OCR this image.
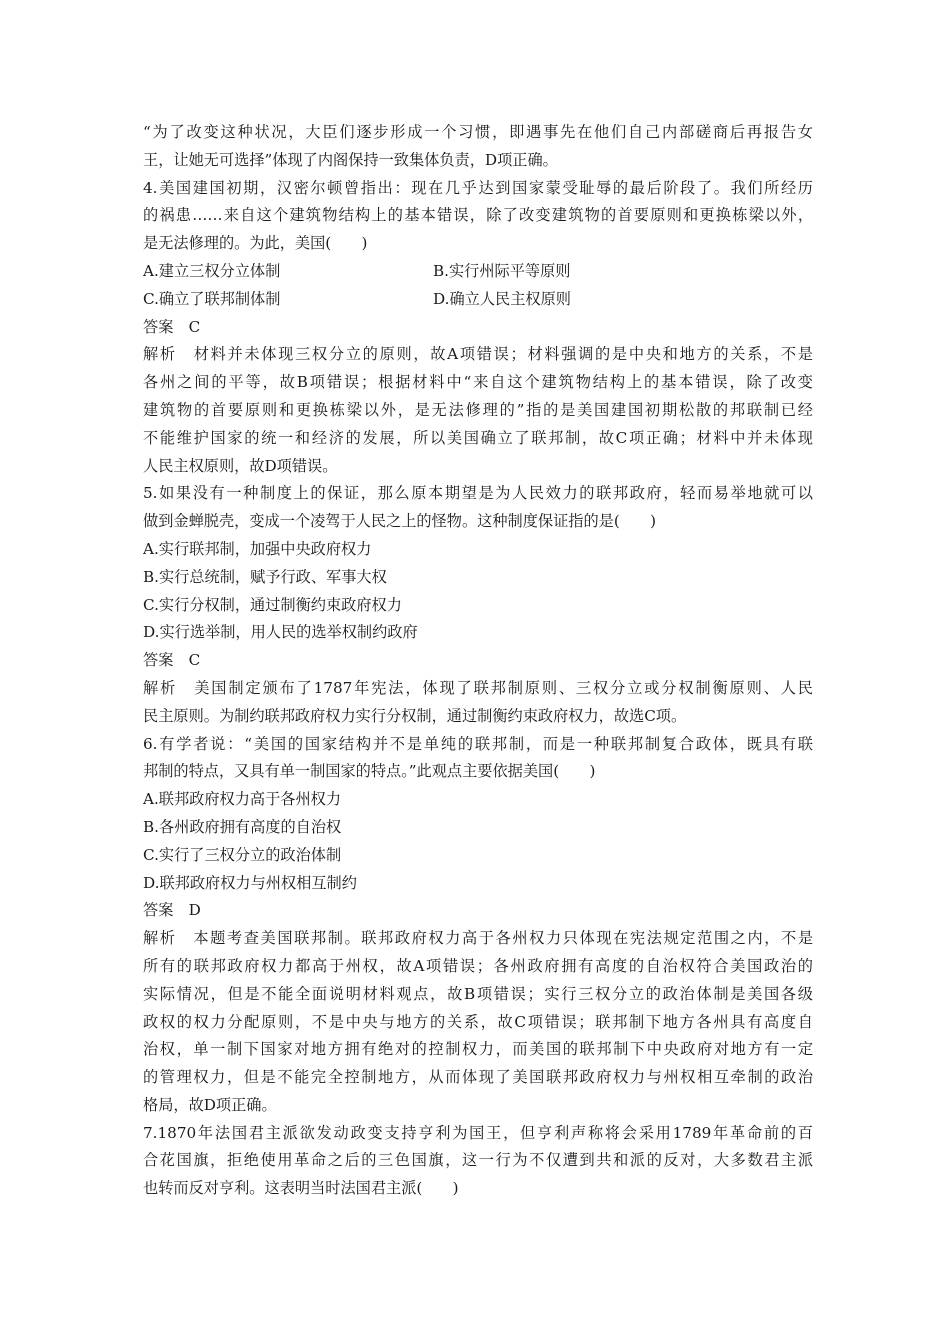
“为了改变这种状况，大臣们逐步形成一个习惯，即遇事先在他们自己内部磋商后再报告女
王，让她无可选择”体现了内阁保持一致集体负责，D项正确。
4.美国建国初期，汉密尔顿曾指出：现在几乎达到国家蒙受耻辱的最后阶段了。我们所经历
的祸患……来自这个建筑物结构上的基本错误，除了改变建筑物的首要原则和更换栋梁以外，
是无法修理的。为此，美国(　　)
A.建立三权分立体制	B.实行州际平等原则
C.确立了联邦制体制	D.确立人民主权原则
答案　C
解析　材料并未体现三权分立的原则，故A项错误；材料强调的是中央和地方的关系，不是
各州之间的平等，故B项错误；根据材料中“来自这个建筑物结构上的基本错误，除了改变
建筑物的首要原则和更换栋梁以外，是无法修理的”指的是美国建国初期松散的邦联制已经
不能维护国家的统一和经济的发展，所以美国确立了联邦制，故C项正确；材料中并未体现
人民主权原则，故D项错误。
5.如果没有一种制度上的保证，那么原本期望是为人民效力的联邦政府，轻而易举地就可以
做到金蝉脱壳，变成一个凌驾于人民之上的怪物。这种制度保证指的是(　　)
A.实行联邦制，加强中央政府权力
B.实行总统制，赋予行政、军事大权
C.实行分权制，通过制衡约束政府权力
D.实行选举制，用人民的选举权制约政府
答案　C
解析　美国制定颁布了1787年宪法，体现了联邦制原则、三权分立或分权制衡原则、人民
民主原则。为制约联邦政府权力实行分权制，通过制衡约束政府权力，故选C项。
6.有学者说：“美国的国家结构并不是单纯的联邦制，而是一种联邦制复合政体，既具有联
邦制的特点，又具有单一制国家的特点。”此观点主要依据美国(　　)
A.联邦政府权力高于各州权力
B.各州政府拥有高度的自治权
C.实行了三权分立的政治体制
D.联邦政府权力与州权相互制约
答案　D
解析　本题考查美国联邦制。联邦政府权力高于各州权力只体现在宪法规定范围之内，不是
所有的联邦政府权力都高于州权，故A项错误；各州政府拥有高度的自治权符合美国政治的
实际情况，但是不能全面说明材料观点，故B项错误；实行三权分立的政治体制是美国各级
政权的权力分配原则，不是中央与地方的关系，故C项错误；联邦制下地方各州具有高度自
治权，单一制下国家对地方拥有绝对的控制权力，而美国的联邦制下中央政府对地方有一定
的管理权力，但是不能完全控制地方，从而体现了美国联邦政府权力与州权相互牵制的政治
格局，故D项正确。
7.1870年法国君主派欲发动政变支持亨利为国王，但亨利声称将会采用1789年革命前的百
合花国旗，拒绝使用革命之后的三色国旗，这一行为不仅遭到共和派的反对，大多数君主派
也转而反对亨利。这表明当时法国君主派(　　)
